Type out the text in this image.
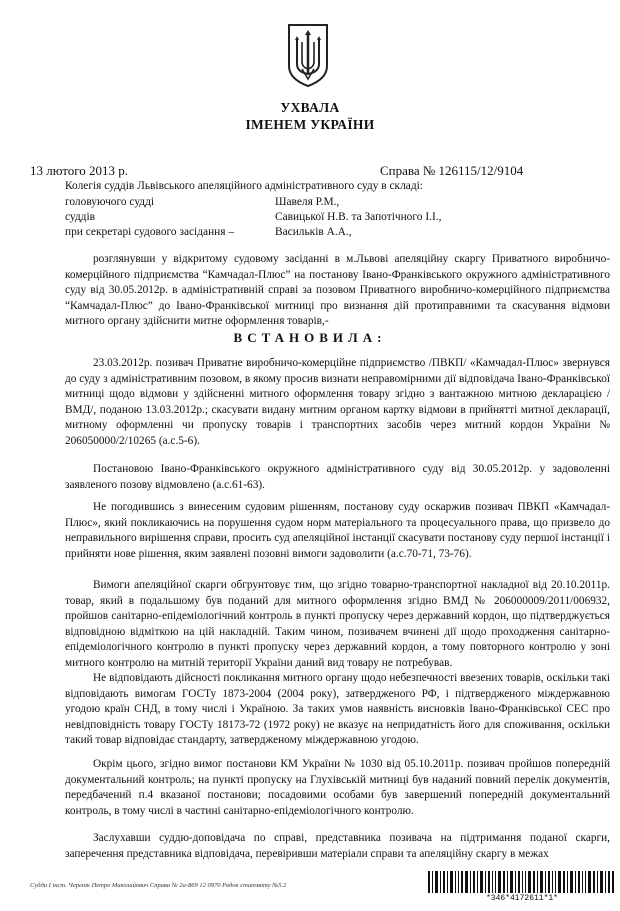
УХВАЛА
ІМЕНЕМ УКРАЇНИ
13 лютого 2013 р.	Справа № 126115/12/9104
Колегія суддів Львівського апеляційного адміністративного суду в складі:
головуючого судді	Шавеля Р.М.,
суддів	Савицької Н.В. та Запотічного І.І.,
при секретарі судового засідання –	Васильків А.А.,
розглянувши у відкритому судовому засіданні в м.Львові апеляційну скаргу Приватного виробничо- комерційного підприємства “Камчадал-Плюс” на постанову Івано-Франківського окружного адміністративного суду від 30.05.2012р. в адміністративній справі за позовом Приватного виробничо-комерційного підприємства “Камчадал-Плюс” до Івано-Франківської митниці про визнання дій протиправними та скасування відмови митного органу здійснити митне оформлення товарів,-
ВСТАНОВИЛА:
23.03.2012р. позивач Приватне виробничо-комерційне підприємство /ПВКП/ «Камчадал-Плюс» звернувся до суду з адміністративним позовом, в якому просив визнати неправомірними дії відповідача Івано-Франківської митниці щодо відмови у здійсненні митного оформлення товару згідно з вантажною митною декларацією /ВМД/, поданою 13.03.2012р.; скасувати видану митним органом картку відмови в прийнятті митної декларації, митному оформленні чи пропуску товарів і транспортних засобів через митний кордон України № 206050000/2/10265 (а.с.5-6).
Постановою Івано-Франківського окружного адміністративного суду від 30.05.2012р. у задоволенні заявленого позову відмовлено (а.с.61-63).
Не погодившись з винесеним судовим рішенням, постанову суду оскаржив позивач ПВКП «Камчадал-Плюс», який покликаючись на порушення судом норм матеріального та процесуального права, що призвело до неправильного вирішення справи, просить суд апеляційної інстанції скасувати постанову суду першої інстанції і прийняти нове рішення, яким заявлені позовні вимоги задоволити (а.с.70-71, 73-76).
Вимоги апеляційної скарги обгрунтовує тим, що згідно товарно-транспортної накладної від 20.10.2011р. товар, який в подальшому був поданий для митного оформлення згідно ВМД № 206000009/2011/006932, пройшов санітарно-епідеміологічний контроль в пункті пропуску через державний кордон, що підтверджується відповідною відміткою на цій накладній. Таким чином, позивачем вчинені дії щодо проходження санітарно-епідеміологічного контролю в пункті пропуску через державний кордон, а тому повторного контролю у зоні митного контролю на митній території України даний вид товару не потребував.
Не відповідають дійсності покликання митного органу щодо небезпечності ввезених товарів, оскільки такі відповідають вимогам ГОСТу 1873-2004 (2004 року), затвердженого РФ, і підтвердженого міждержавною угодою країн СНД, в тому числі і Україною. За таких умов наявність висновків Івано-Франківської СЕС про невідповідність товару ГОСТу 18173-72 (1972 року) не вказує на непридатність його для споживання, оскільки такий товар відповідає стандарту, затвердженому міждержавною угодою.
Окрім цього, згідно вимог постанови КМ України № 1030 від 05.10.2011р. позивач пройшов попередній документальний контроль; на пункті пропуску на Глухівській митниці був наданий повний перелік документів, передбачений п.4 вказаної постанови; посадовими особами був завершений попередній документальний контроль, в тому числі в частині санітарно-епідеміологічного контролю.
Заслухавши суддю-доповідача по справі, представника позивача на підтримання поданої скарги, заперечення представника відповідача, перевіривши матеріали справи та апеляційну скаргу в межах
Судди I інст. Черенік Петро Миколайович Справа № 2а-869 12 0970 Рядок статзвіту №5.2
*346*4172611*1*
